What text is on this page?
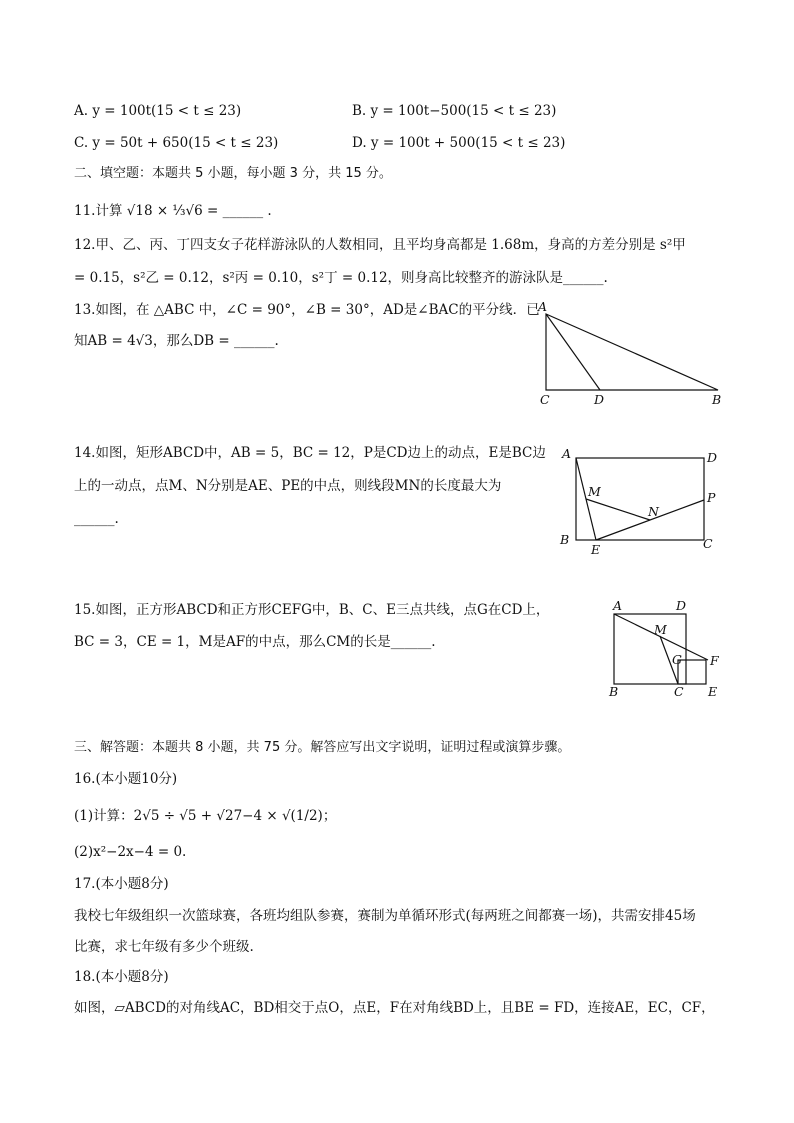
A. y = 100t(15 < t ≤ 23)	B. y = 100t−500(15 < t ≤ 23)
C. y = 50t + 650(15 < t ≤ 23)	D. y = 100t + 500(15 < t ≤ 23)
二、填空题：本题共 5 小题，每小题 3 分，共 15 分。
11.计算 √18 × ⅓√6 = ______ .
12.甲、乙、丙、丁四支女子花样游泳队的人数相同，且平均身高都是 1.68m，身高的方差分别是 s²甲
= 0.15，s²乙 = 0.12，s²丙 = 0.10，s²丁 = 0.12，则身高比较整齐的游泳队是______.
13.如图，在 △ABC 中，∠C = 90°，∠B = 30°，AD是∠BAC的平分线．已
知AB = 4√3，那么DB = ______.
A
C	D	B
14.如图，矩形ABCD中，AB = 5，BC = 12，P是CD边上的动点，E是BC边
上的一动点，点M、N分别是AE、PE的中点，则线段MN的长度最大为
______.
A	D
M	P
N
B
E	C
15.如图，正方形ABCD和正方形CEFG中，B、C、E三点共线，点G在CD上，
BC = 3，CE = 1，M是AF的中点，那么CM的长是______.
A	D
M
G F
B	C E
三、解答题：本题共 8 小题，共 75 分。解答应写出文字说明，证明过程或演算步骤。
16.(本小题10分)
(1)计算：2√5 ÷ √5 + √27−4 × √(1/2)；
(2)x²−2x−4 = 0.
17.(本小题8分)
我校七年级组织一次篮球赛，各班均组队参赛，赛制为单循环形式(每两班之间都赛一场)，共需安排45场
比赛，求七年级有多少个班级.
18.(本小题8分)
如图，▱ABCD的对角线AC，BD相交于点O，点E，F在对角线BD上，且BE = FD，连接AE，EC，CF，
